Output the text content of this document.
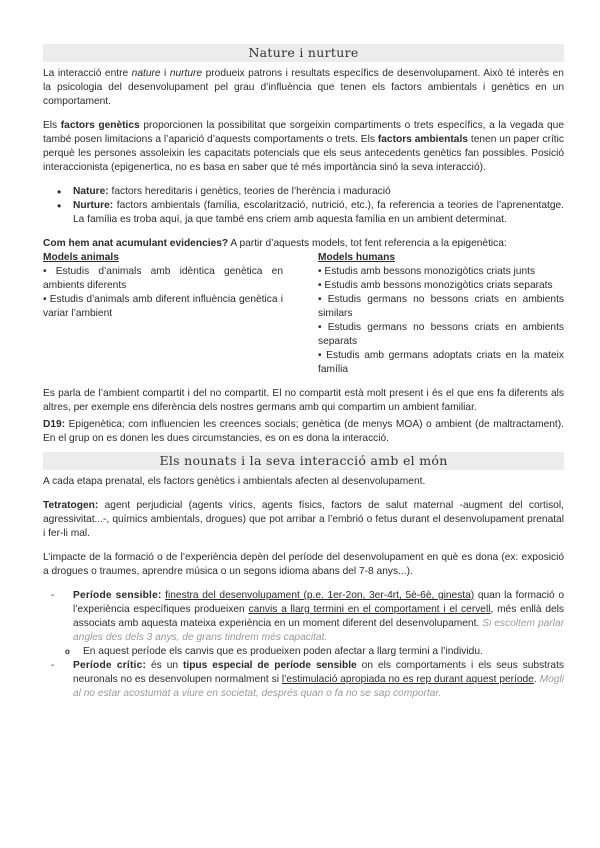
Nature i nurture

La interacció entre nature i nurture produeix patrons i resultats específics de desenvolupament. Això té interès en la psicologia del desenvolupament pel grau d’influència que tenen els factors ambientals i genètics en un comportament.

Els factors genètics proporcionen la possibilitat que sorgeixin compartiments o trets específics, a la vegada que també posen limitacions a l’aparició d’aquests comportaments o trets. Els factors ambientals tenen un paper crític perquè les persones assoleixin les capacitats potencials que els seus antecedents genètics fan possibles. Posició interaccionista (epigenertica, no es basa en saber que té més importància sinó la seva interacció).

• Nature: factors hereditaris i genètics, teories de l’herència i maduració
• Nurture: factors ambientals (família, escolarització, nutrició, etc.), fa referencia a teories de l’aprenentatge. La família es troba aquí, ja que també ens criem amb aquesta família en un ambient determinat.

Com hem anat acumulant evidencies? A partir d’aquests models, tot fent referencia a la epigenètica:

Models animals
• Estudis d’animals amb idèntica genètica en ambients diferents
• Estudis d’animals amb diferent influència genètica i variar l’ambient
Models humans
• Estudis amb bessons monozigòtics criats junts
• Estudis amb bessons monozigòtics criats separats
• Estudis germans no bessons criats en ambients similars
• Estudis germans no bessons criats en ambients separats
• Estudis amb germans adoptats criats en la mateix família

Es parla de l’ambient compartit i del no compartit. El no compartit està molt present i és el que ens fa diferents als altres, per exemple ens diferència dels nostres germans amb qui compartim un ambient familiar.

D19: Epigenètica; com influencien les creences socials; genètica (de menys MOA) o ambient (de maltractament). En el grup on es donen les dues circumstancies, es on es dona la interacció.

Els nounats i la seva interacció amb el món

A cada etapa prenatal, els factors genètics i ambientals afecten al desenvolupament.

Tetratogen: agent perjudicial (agents vírics, agents físics, factors de salut maternal -augment del cortisol, agressivitat...-, químics ambientals, drogues) que pot arribar a l’embrió o fetus durant el desenvolupament prenatal i fer-li mal.

L’impacte de la formació o de l’experiència depèn del període del desenvolupament en què es dona (ex: exposició a drogues o traumes, aprendre música o un segons idioma abans del 7-8 anys...).

- Període sensible: finestra del desenvolupament (p.e. 1er-2on, 3er-4rt, 5è-6è, ginesta) quan la formació o l’experiència específiques produeixen canvis a llarg termini en el comportament i el cervell, més enllà dels associats amb aquesta mateixa experiència en un moment diferent del desenvolupament. Si escoltem parlar angles des dels 3 anys, de grans tindrem més capacitat.

o En aquest període els canvis que es produeixen poden afectar a llarg termini a l’individu.

- Període crític: és un tipus especial de període sensible on els comportaments i els seus substrats neuronals no es desenvolupen normalment si l’estimulació apropiada no es rep durant aquest període. Mogli al no estar acostumat a viure en societat, després quan o fa no se sap comportar.
